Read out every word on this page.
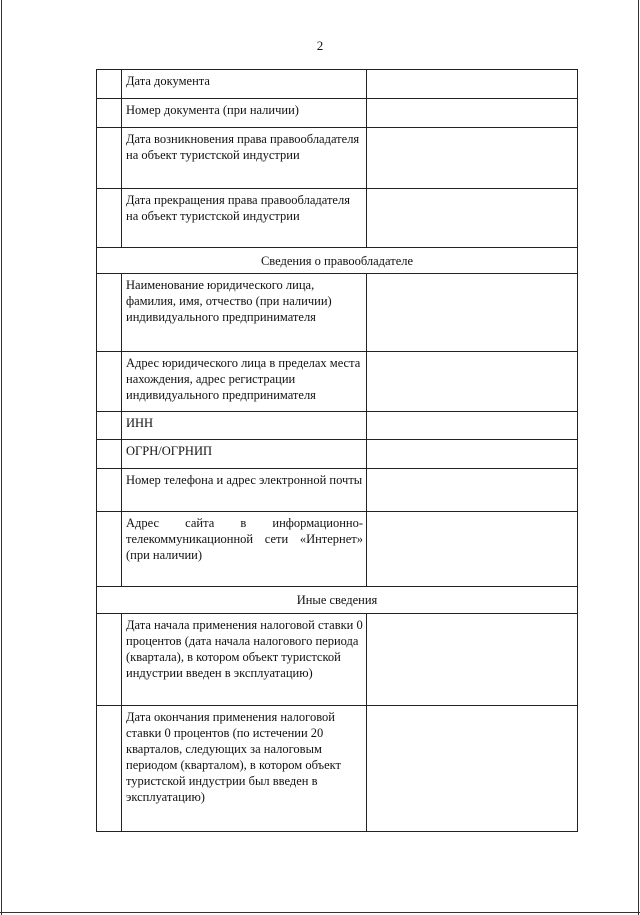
2
	Дата документа	
	Номер документа (при наличии)	
	Дата возникновения права правообладателя на объект туристской индустрии	
	Дата прекращения права правообладателя на объект туристской индустрии	
Сведения о правообладателе		
	Наименование юридического лица, фамилия, имя, отчество (при наличии) индивидуального предпринимателя	
	Адрес юридического лица в пределах места нахождения, адрес регистрации индивидуального предпринимателя	
	ИНН	
	ОГРН/ОГРНИП	
	Номер телефона и адрес электронной почты	
	Адрес сайта в информационно-телекоммуникационной сети «Интернет» (при наличии)	
Иные сведения		
	Дата начала применения налоговой ставки 0 процентов (дата начала налогового периода (квартала), в котором объект туристской индустрии введен в эксплуатацию)	
	Дата окончания применения налоговой ставки 0 процентов (по истечении 20 кварталов, следующих за налоговым периодом (кварталом), в котором объект туристской индустрии был введен в эксплуатацию)	
